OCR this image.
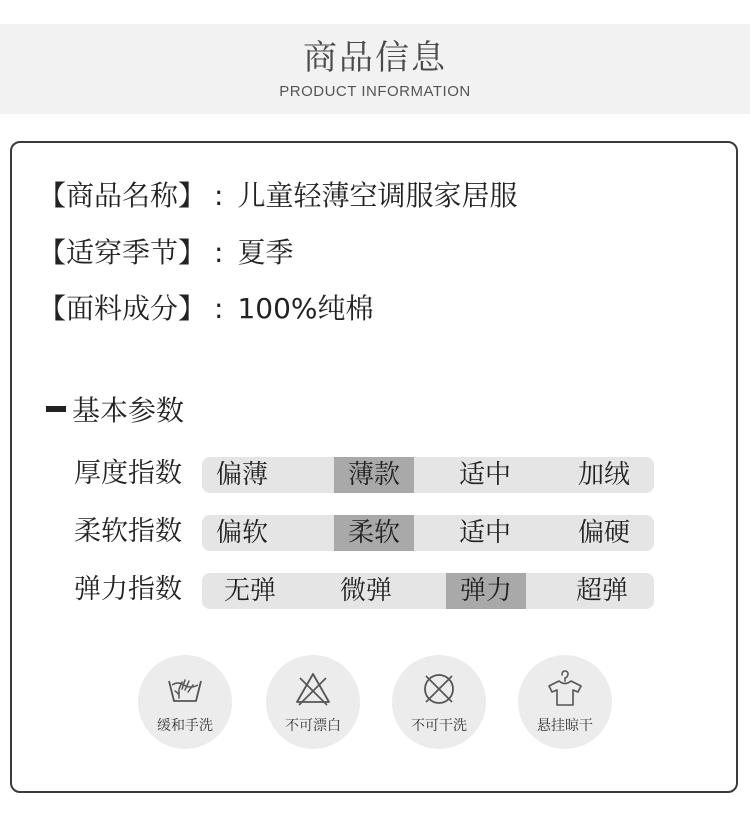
商品信息
PRODUCT INFORMATION
【商品名称】 : 儿童轻薄空调服家居服
【适穿季节】 : 夏季
【面料成分】 : 100%纯棉
基本参数
厚度指数	偏薄	薄款	适中	加绒
柔软指数	偏软	柔软	适中	偏硬
弹力指数	无弹	微弹	弹力	超弹
缓和手洗	不可漂白	不可干洗	悬挂晾干
